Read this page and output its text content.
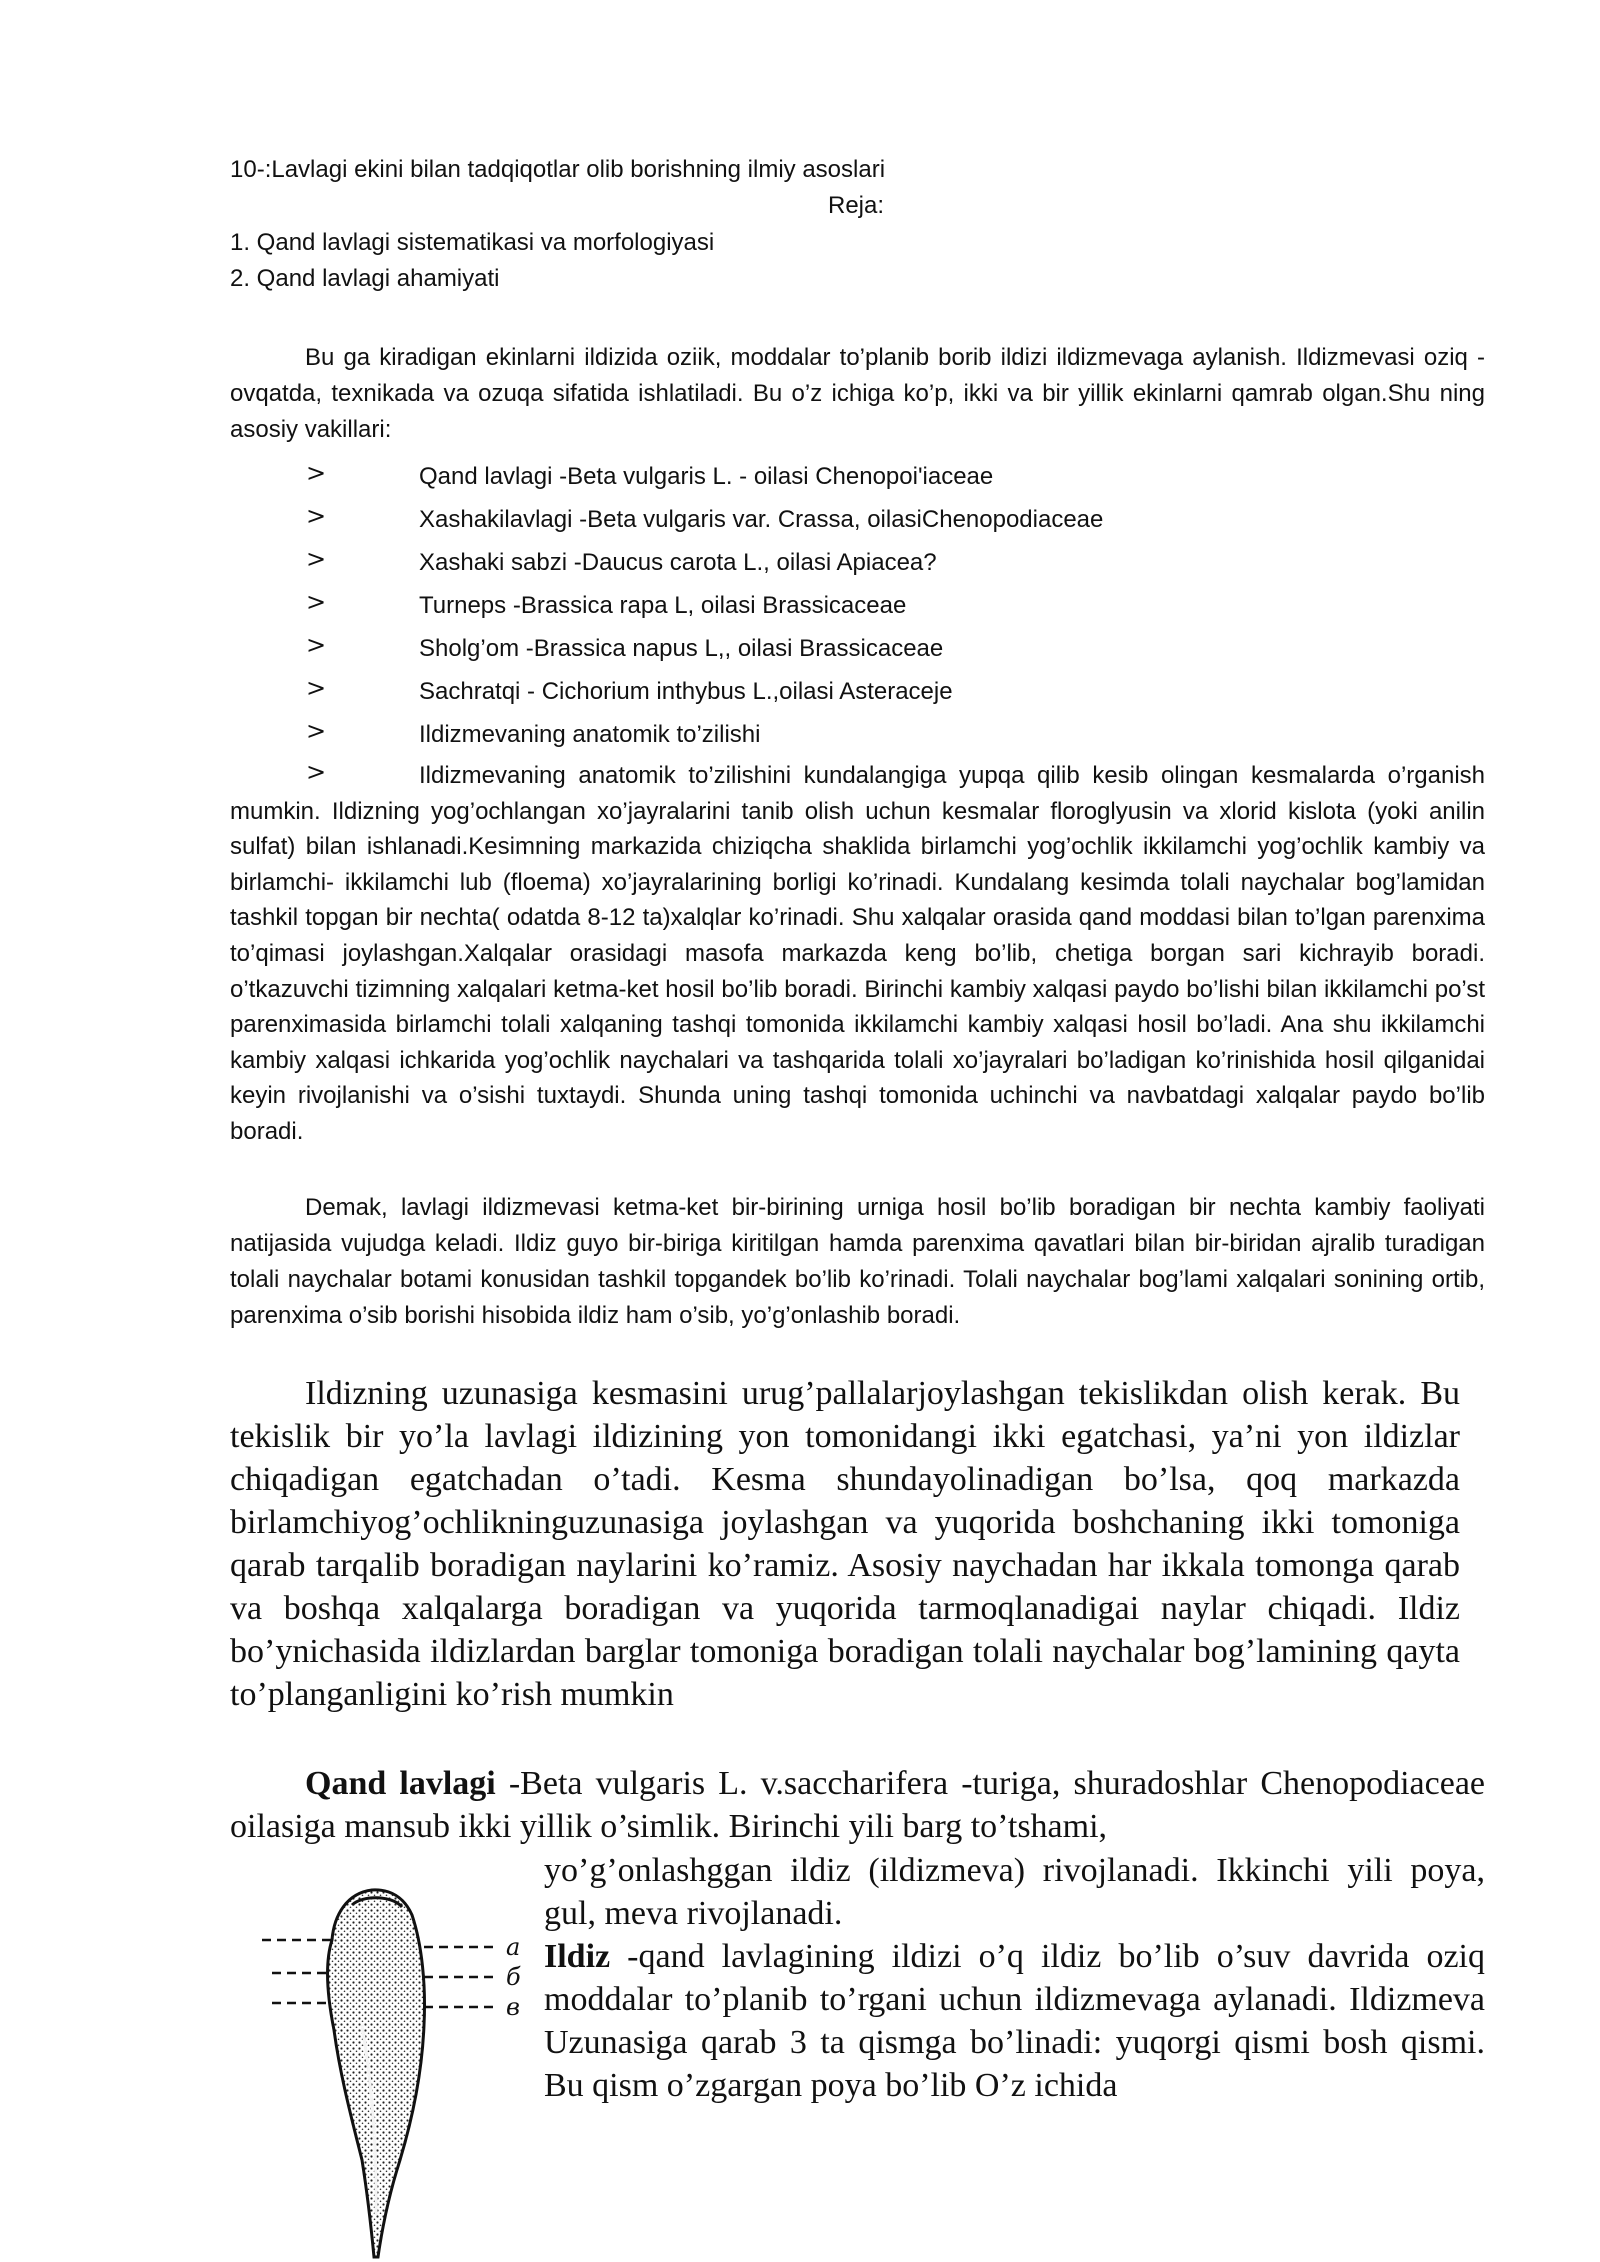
10-:Lavlagi ekini bilan tadqiqotlar olib borishning ilmiy asoslari
Reja:
1. Qand lavlagi sistematikasi va morfologiyasi
2. Qand lavlagi ahamiyati

Bu ga kiradigan ekinlarni ildizida oziik, moddalar to’planib borib ildizi ildizmevaga aylanish. Ildizmevasi oziq -ovqatda, texnikada va ozuqa sifatida ishlatiladi. Bu o’z ichiga ko’p, ikki va bir yillik ekinlarni qamrab olgan.Shu ning asosiy vakillari:

>	Qand lavlagi -Beta vulgaris L. - oilasi Chenopoi'iaceae
>	Xashakilavlagi -Beta vulgaris var. Crassa, oilasiChenopodiaceae
>	Xashaki sabzi -Daucus carota L., oilasi Apiacea?
>	Turneps -Brassica rapa L, oilasi Brassicaceae
>	Sholg’om -Brassica napus L,, oilasi Brassicaceae
>	Sachratqi - Cichorium inthybus L.,oilasi Asteraceje
>	Ildizmevaning anatomik to’zilishi
>	Ildizmevaning anatomik to’zilishini kundalangiga yupqa qilib kesib olingan kesmalarda o’rganish mumkin. Ildizning yog’ochlangan xo’jayralarini tanib olish uchun kesmalar floroglyusin va xlorid kislota (yoki anilin sulfat) bilan ishlanadi.Kesimning markazida chiziqcha shaklida birlamchi yog’ochlik ikkilamchi yog’ochlik kambiy va birlamchi- ikkilamchi lub (floema) xo’jayralarining borligi ko’rinadi. Kundalang kesimda tolali naychalar bog’lamidan tashkil topgan bir nechta( odatda 8-12 ta)xalqlar ko’rinadi. Shu xalqalar orasida qand moddasi bilan to’lgan parenxima to’qimasi joylashgan.Xalqalar orasidagi masofa markazda keng bo’lib, chetiga borgan sari kichrayib boradi. o’tkazuvchi tizimning xalqalari ketma-ket hosil bo’lib boradi. Birinchi kambiy xalqasi paydo bo’lishi bilan ikkilamchi po’st parenximasida birlamchi tolali xalqaning tashqi tomonida ikkilamchi kambiy xalqasi hosil bo’ladi. Ana shu ikkilamchi kambiy xalqasi ichkarida yog’ochlik naychalari va tashqarida tolali xo’jayralari bo’ladigan ko’rinishida hosil qilganidai keyin rivojlanishi va o’sishi tuxtaydi. Shunda uning tashqi tomonida uchinchi va navbatdagi xalqalar paydo bo’lib boradi.

Demak, lavlagi ildizmevasi ketma-ket bir-birining urniga hosil bo’lib boradigan bir nechta kambiy faoliyati natijasida vujudga keladi. Ildiz guyo bir-biriga kiritilgan hamda parenxima qavatlari bilan bir-biridan ajralib turadigan tolali naychalar botami konusidan tashkil topgandek bo’lib ko’rinadi. Tolali naychalar bog’lami xalqalari sonining ortib, parenxima o’sib borishi hisobida ildiz ham o’sib, yo’g’onlashib boradi.

Ildizning uzunasiga kesmasini urug’pallalarjoylashgan tekislikdan olish kerak. Bu tekislik bir yo’la lavlagi ildizining yon tomonidangi ikki egatchasi, ya’ni yon ildizlar chiqadigan egatchadan o’tadi. Kesma shundayolinadigan bo’lsa, qoq markazda birlamchiyog’ochlikninguzunasiga joylashgan va yuqorida boshchaning ikki tomoniga qarab tarqalib boradigan naylarini ko’ramiz. Asosiy naychadan har ikkala tomonga qarab va boshqa xalqalarga boradigan va yuqorida tarmoqlanadigai naylar chiqadi. Ildiz bo’ynichasida ildizlardan barglar tomoniga boradigan tolali naychalar bog’lamining qayta to’planganligini ko’rish mumkin

Qand lavlagi -Beta vulgaris L. v.saccharifera -turiga, shuradoshlar Chenopodiaceae oilasiga mansub ikki yillik o’simlik. Birinchi yili barg to’tshami,

yo’g’onlashggan ildiz (ildizmeva) rivojlanadi. Ikkinchi yili poya, gul, meva rivojlanadi.

Ildiz -qand lavlagining ildizi o’q ildiz bo’lib o’suv davrida oziq moddalar to’planib to’rgani uchun ildizmevaga aylanadi. Ildizmeva Uzunasiga qarab 3 ta qismga bo’linadi: yuqorgi qismi bosh qismi. Bu qism o’zgargan poya bo’lib O’z ichida

а
б
в
